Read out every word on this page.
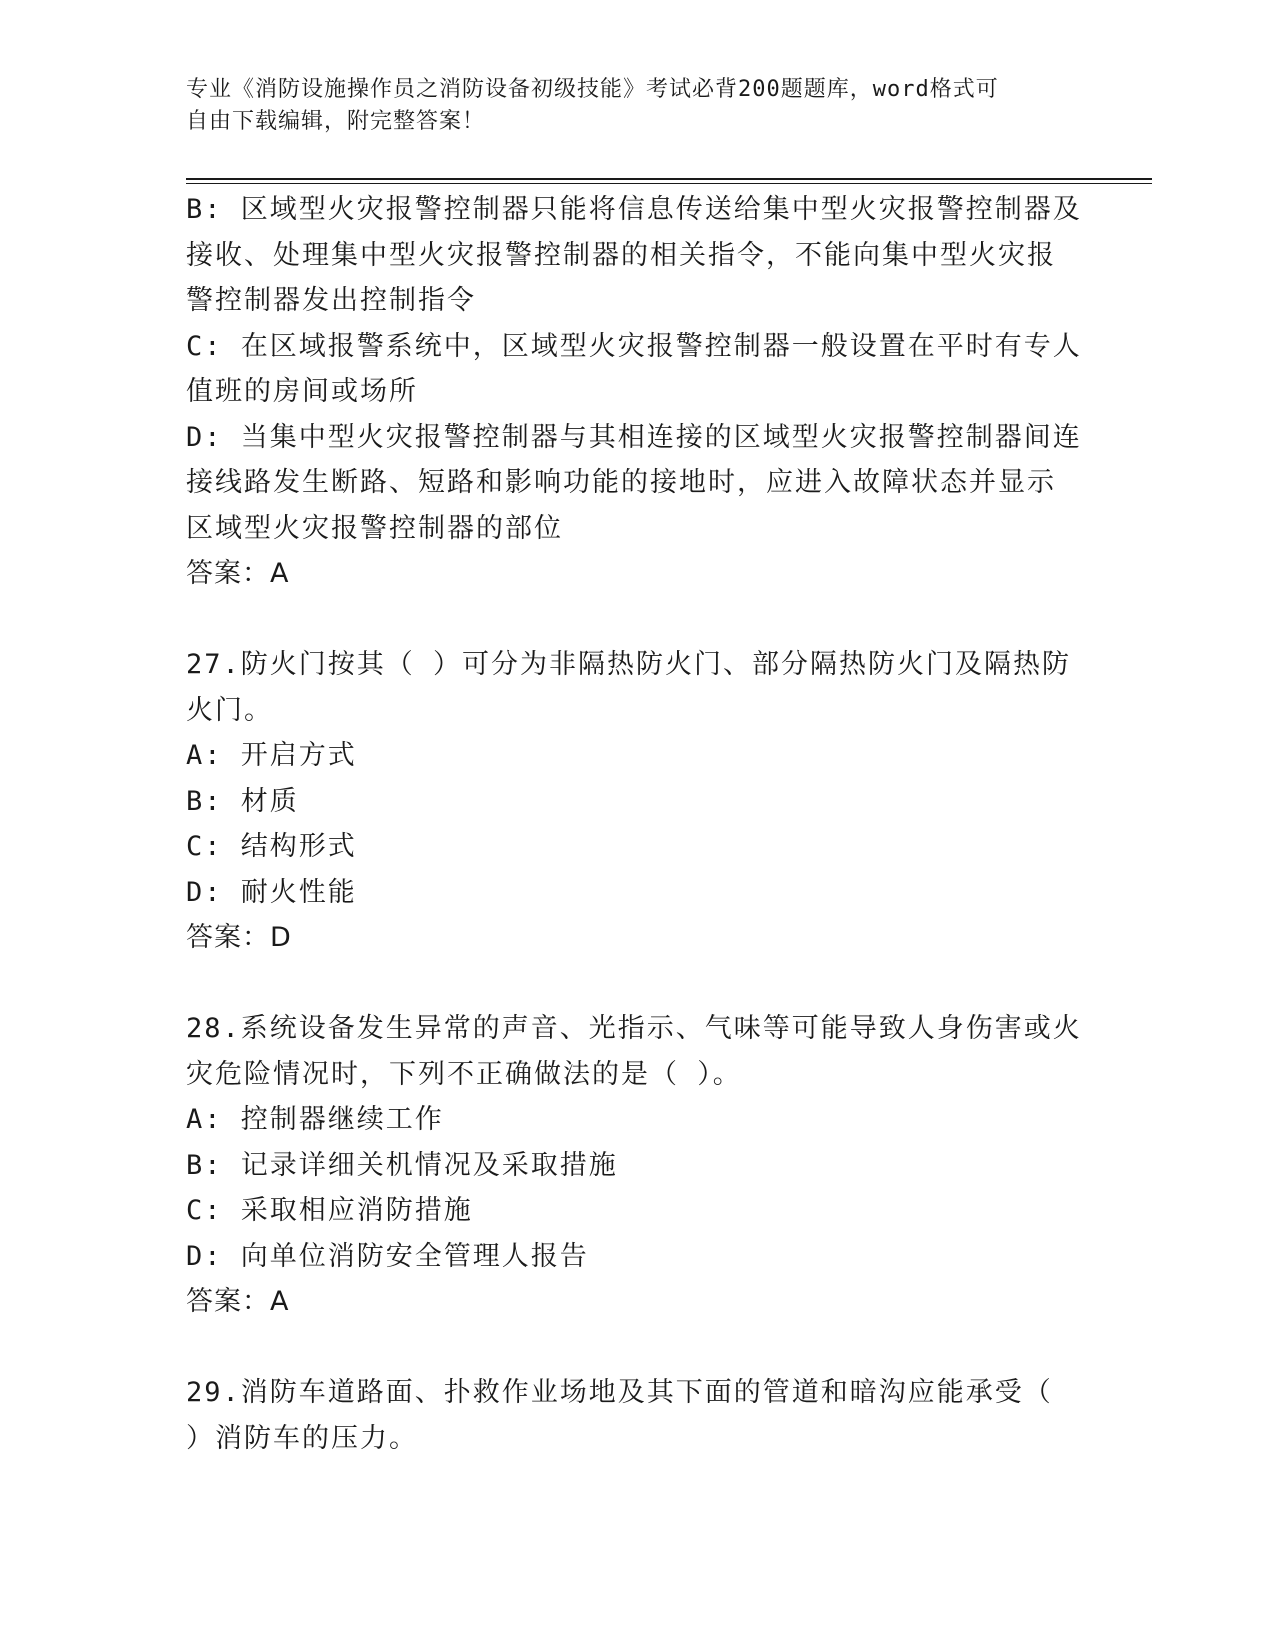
专业《消防设施操作员之消防设备初级技能》考试必背200题题库，word格式可
自由下载编辑，附完整答案！
B: 区域型火灾报警控制器只能将信息传送给集中型火灾报警控制器及
接收、处理集中型火灾报警控制器的相关指令，不能向集中型火灾报
警控制器发出控制指令
C: 在区域报警系统中，区域型火灾报警控制器一般设置在平时有专人
值班的房间或场所
D: 当集中型火灾报警控制器与其相连接的区域型火灾报警控制器间连
接线路发生断路、短路和影响功能的接地时，应进入故障状态并显示
区域型火灾报警控制器的部位
答案：A
27.防火门按其（ ）可分为非隔热防火门、部分隔热防火门及隔热防
火门。
A: 开启方式
B: 材质
C: 结构形式
D: 耐火性能
答案：D
28.系统设备发生异常的声音、光指示、气味等可能导致人身伤害或火
灾危险情况时，下列不正确做法的是（ ）。
A: 控制器继续工作
B: 记录详细关机情况及采取措施
C: 采取相应消防措施
D: 向单位消防安全管理人报告
答案：A
29.消防车道路面、扑救作业场地及其下面的管道和暗沟应能承受（
）消防车的压力。
